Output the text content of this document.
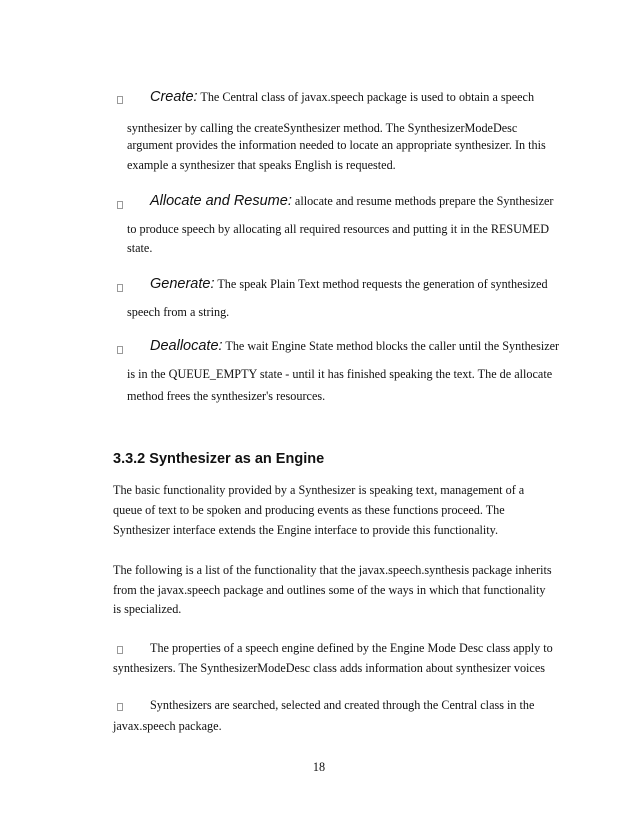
Create: The Central class of javax.speech package is used to obtain a speech
synthesizer by calling the createSynthesizer method. The SynthesizerModeDesc
argument provides the information needed to locate an appropriate synthesizer. In this
example a synthesizer that speaks English is requested.
Allocate and Resume: allocate and resume methods prepare the Synthesizer
to produce speech by allocating all required resources and putting it in the RESUMED
state.
Generate: The speak Plain Text method requests the generation of synthesized
speech from a string.
Deallocate: The wait Engine State method blocks the caller until the Synthesizer
is in the QUEUE_EMPTY state - until it has finished speaking the text. The de allocate
method frees the synthesizer's resources.
3.3.2 Synthesizer as an Engine
The basic functionality provided by a Synthesizer is speaking text, management of a
queue of text to be spoken and producing events as these functions proceed. The
Synthesizer interface extends the Engine interface to provide this functionality.
The following is a list of the functionality that the javax.speech.synthesis package inherits
from the javax.speech package and outlines some of the ways in which that functionality
is specialized.
The properties of a speech engine defined by the Engine Mode Desc class apply to
synthesizers. The SynthesizerModeDesc class adds information about synthesizer voices
Synthesizers are searched, selected and created through the Central class in the
javax.speech package.
18
